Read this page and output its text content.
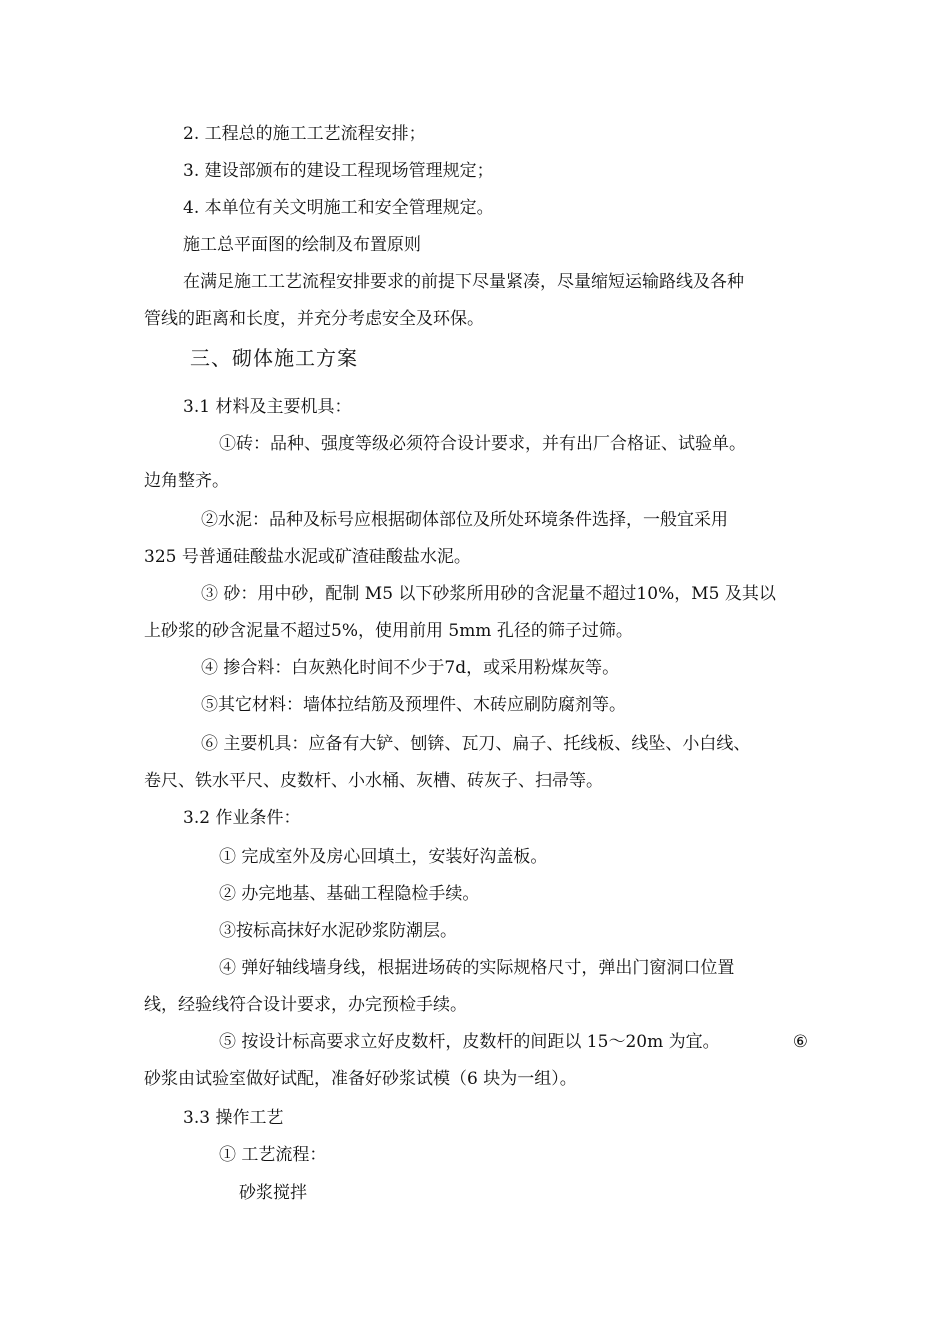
2. 工程总的施工工艺流程安排；
3. 建设部颁布的建设工程现场管理规定；
4. 本单位有关文明施工和安全管理规定。
施工总平面图的绘制及布置原则
在满足施工工艺流程安排要求的前提下尽量紧凑，尽量缩短运输路线及各种
管线的距离和长度，并充分考虑安全及环保。
三、砌体施工方案
3.1 材料及主要机具：
①砖：品种、强度等级必须符合设计要求，并有出厂合格证、试验单。
边角整齐。
②水泥：品种及标号应根据砌体部位及所处环境条件选择，一般宜采用
325 号普通硅酸盐水泥或矿渣硅酸盐水泥。
③ 砂：用中砂，配制 M5 以下砂浆所用砂的含泥量不超过10%，M5 及其以
上砂浆的砂含泥量不超过5%，使用前用 5mm 孔径的筛子过筛。
④ 掺合料：白灰熟化时间不少于7d，或采用粉煤灰等。
⑤其它材料：墙体拉结筋及预埋件、木砖应刷防腐剂等。
⑥ 主要机具：应备有大铲、刨锛、瓦刀、扁子、托线板、线坠、小白线、
卷尺、铁水平尺、皮数杆、小水桶、灰槽、砖灰子、扫帚等。
3.2 作业条件：
① 完成室外及房心回填土，安装好沟盖板。
② 办完地基、基础工程隐检手续。
③按标高抹好水泥砂浆防潮层。
④ 弹好轴线墙身线，根据进场砖的实际规格尺寸，弹出门窗洞口位置
线，经验线符合设计要求，办完预检手续。
⑤ 按设计标高要求立好皮数杆，皮数杆的间距以 15～20m 为宜。	⑥
砂浆由试验室做好试配，准备好砂浆试模（6 块为一组）。
3.3 操作工艺
① 工艺流程：
砂浆搅拌
